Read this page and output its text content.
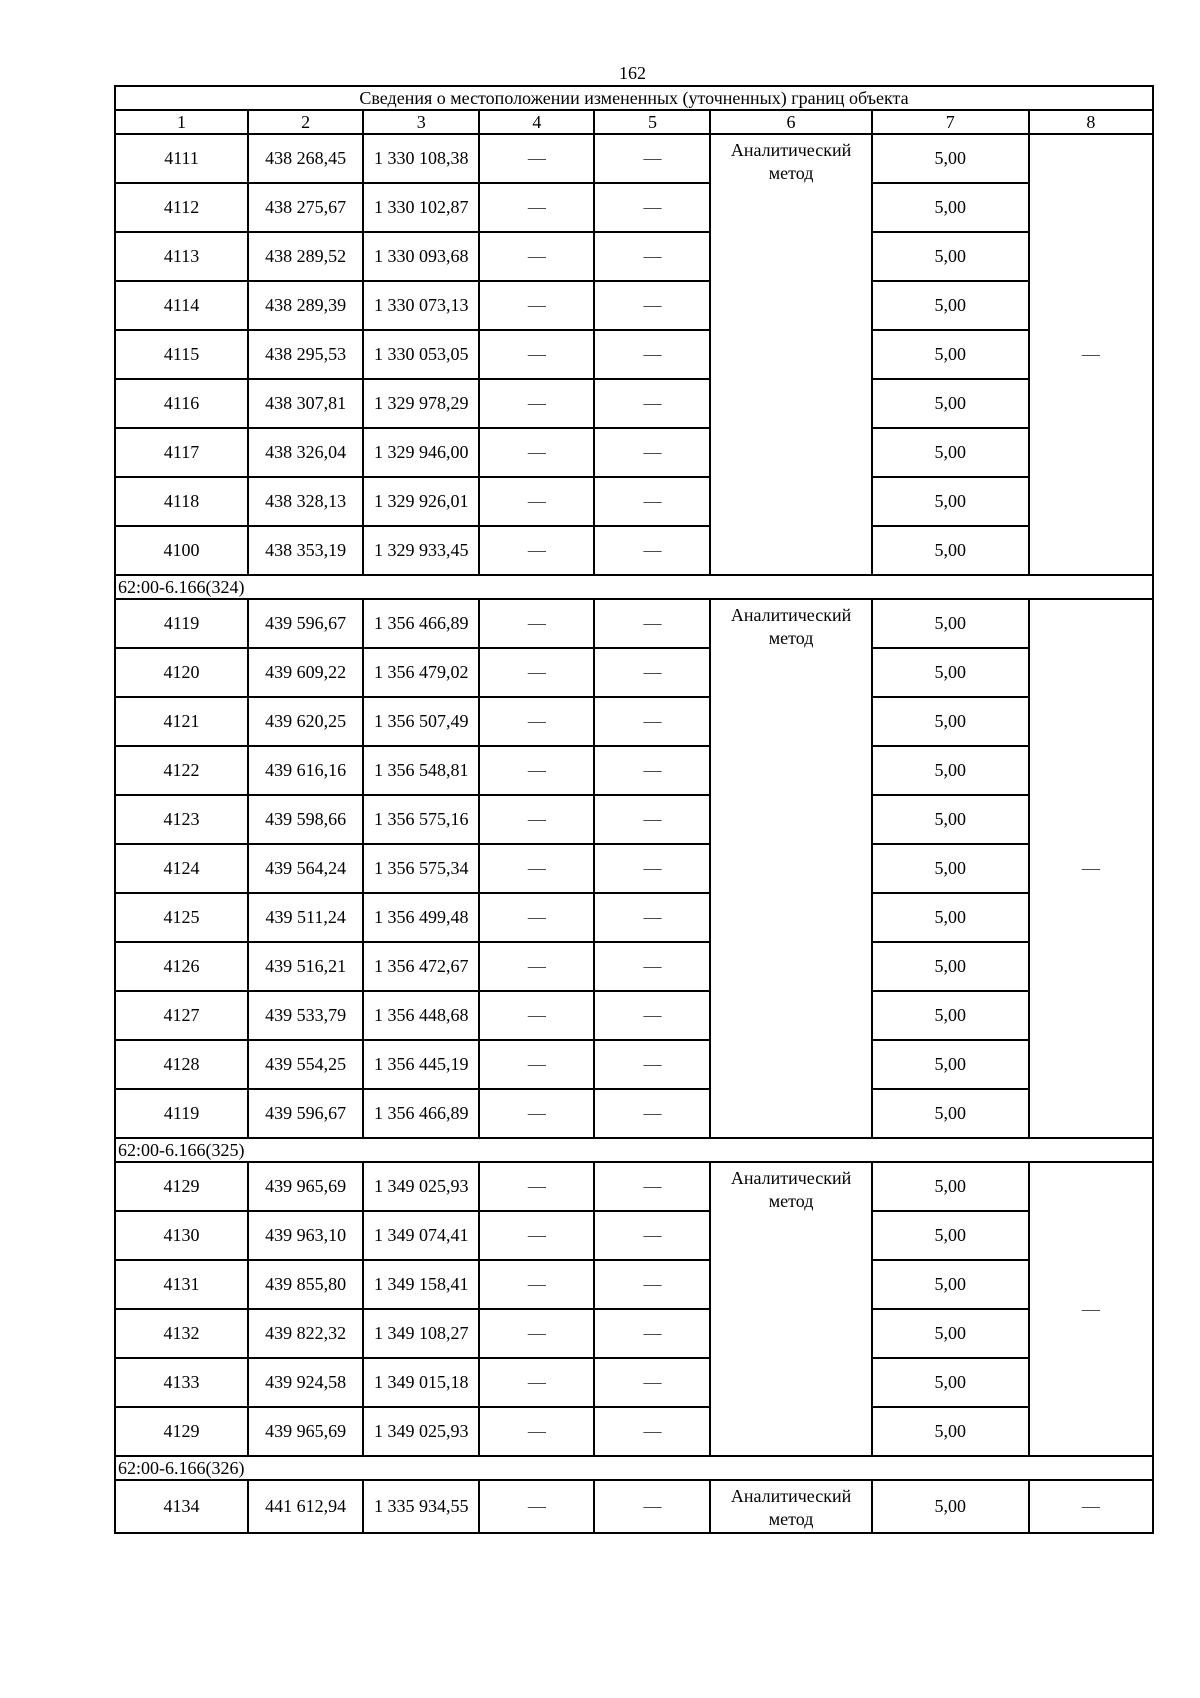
162
Сведения о местоположении измененных (уточненных) границ объекта							
1	2	3	4	5	6	7	8
4111	438 268,45	1 330 108,38	—	—	Аналитический метод	5,00	—
4112	438 275,67	1 330 102,87	—	—		5,00	
4113	438 289,52	1 330 093,68	—	—		5,00	
4114	438 289,39	1 330 073,13	—	—		5,00	
4115	438 295,53	1 330 053,05	—	—		5,00	
4116	438 307,81	1 329 978,29	—	—		5,00	
4117	438 326,04	1 329 946,00	—	—		5,00	
4118	438 328,13	1 329 926,01	—	—		5,00	
4100	438 353,19	1 329 933,45	—	—		5,00	
62:00-6.166(324)							
4119	439 596,67	1 356 466,89	—	—	Аналитический метод	5,00	—
4120	439 609,22	1 356 479,02	—	—		5,00	
4121	439 620,25	1 356 507,49	—	—		5,00	
4122	439 616,16	1 356 548,81	—	—		5,00	
4123	439 598,66	1 356 575,16	—	—		5,00	
4124	439 564,24	1 356 575,34	—	—		5,00	
4125	439 511,24	1 356 499,48	—	—		5,00	
4126	439 516,21	1 356 472,67	—	—		5,00	
4127	439 533,79	1 356 448,68	—	—		5,00	
4128	439 554,25	1 356 445,19	—	—		5,00	
4119	439 596,67	1 356 466,89	—	—		5,00	
62:00-6.166(325)							
4129	439 965,69	1 349 025,93	—	—	Аналитический метод	5,00	—
4130	439 963,10	1 349 074,41	—	—		5,00	
4131	439 855,80	1 349 158,41	—	—		5,00	
4132	439 822,32	1 349 108,27	—	—		5,00	
4133	439 924,58	1 349 015,18	—	—		5,00	
4129	439 965,69	1 349 025,93	—	—		5,00	
62:00-6.166(326)							
4134	441 612,94	1 335 934,55	—	—	Аналитический метод	5,00	—
